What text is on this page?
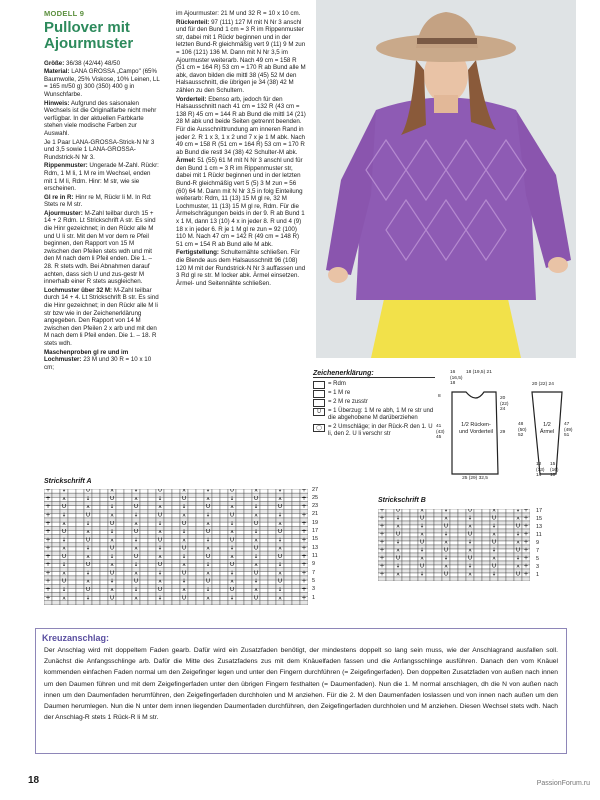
MODELL 9
Pullover mit
Ajourmuster

Größe: 36/38 (42/44) 48/50

Material: LANA GROSSA „Campo" (65% Baumwolle, 25% Viskose, 10% Leinen, LL = 165 m/50 g) 300 (350) 400 g in Wunschfarbe.

Hinweis: Aufgrund des saisonalen Wechsels ist die Originalfarbe nicht mehr verfügbar. In der aktuellen Farbkarte stehen viele modische Farben zur Auswahl.

Je 1 Paar LANA-GROSSA-Strick-N Nr 3 und 3,5 sowie 1 LANA-GROSSA-Rundstrick-N Nr 3.

Rippenmuster: Ungerade M-Zahl. Rückr: Rdm, 1 M li, 1 M re im Wechsel, enden mit 1 M li, Rdm. Hinr: M str, wie sie erscheinen.

Gl re in R: Hinr re M, Rückr li M. In Rd: Stets re M str.

Ajourmuster: M-Zahl teilbar durch 15 + 14 + 2 Rdm. Lt Strickschrift A str. Es sind die Hinr gezeichnet; in den Rückr alle M und U li str. Mit den M vor dem re Pfeil beginnen, den Rapport von 15 M zwischen den Pfeilen stets wdh und mit den M nach dem li Pfeil enden. Die 1. – 28. R stets wdh. Bei Abnahmen darauf achten, dass sich U und zus-gestr M innerhalb einer R stets ausgleichen.

Lochmuster über 32 M: M-Zahl teilbar durch 14 + 4. Lt Strickschrift B str. Es sind die Hinr gezeichnet; in den Rückr alle M li str bzw wie in der Zeichenerklärung angegeben. Den Rapport von 14 M zwischen den Pfeilen 2 x arb und mit den M nach dem li Pfeil enden. Die 1. – 18. R stets wdh.

Maschenproben gl re und im Lochmuster: 23 M und 30 R = 10 x 10 cm;

im Ajourmuster: 21 M und 32 R = 10 x 10 cm.

Rückenteil: 97 (111) 127 M mit N Nr 3 anschl und für den Bund 1 cm = 3 R im Rippenmuster str, dabei mit 1 Rückr beginnen und in der letzten Bund-R gleichmäßig vert 9 (11) 9 M zun = 106 (121) 136 M. Dann mit N Nr 3,5 im Ajourmuster weiterarb. Nach 49 cm = 158 R (51 cm = 164 R) 53 cm = 170 R ab Bund alle M abk, davon bilden die mittl 38 (45) 52 M den Halsausschnitt, die übrigen je 34 (38) 42 M zählen zu den Schultern.

Vorderteil: Ebenso arb, jedoch für den Halsausschnitt nach 41 cm = 132 R (43 cm = 138 R) 45 cm = 144 R ab Bund die mittl 14 (21) 28 M abk und beide Seiten getrennt beenden. Für die Ausschnittrundung am inneren Rand in jeder 2. R 1 x 3, 1 x 2 und 7 x je 1 M abk. Nach 49 cm = 158 R (51 cm = 164 R) 53 cm = 170 R ab Bund die restl 34 (38) 42 Schulter-M abk.

Ärmel: 51 (55) 61 M mit N Nr 3 anschl und für den Bund 1 cm = 3 R im Rippenmuster str, dabei mit 1 Rückr beginnen und in der letzten Bund-R gleichmäßig vert 5 (5) 3 M zun = 56 (60) 64 M. Dann mit N Nr 3,5 in folg Einteilung weiterarb: Rdm, 11 (13) 15 M gl re, 32 M Lochmuster, 11 (13) 15 M gl re, Rdm. Für die Ärmelschrägungen beids in der 9. R ab Bund 1 x 1 M, dann 13 (10) 4 x in jeder 8. R und 4 (9) 18 x in jeder 6. R je 1 M gl re zun = 92 (100) 110 M. Nach 47 cm = 142 R (49 cm = 148 R) 51 cm = 154 R ab Bund alle M abk.

Fertigstellung: Schulternähte schließen. Für die Blende aus dem Halsausschnitt 96 (108) 120 M mit der Rundstrick-N Nr 3 auffassen und 3 Rd gl re str. M locker abk. Ärmel einsetzen. Ärmel- und Seitennähte schließen.

Zeichenerklärung:
= Rdm
= 1 M re
= 2 M re zusstr
U	= 1 Überzug: 1 M re abh, 1 M re str und die abgehobene M darüberziehen
◯	= 2 Umschläge; in der Rück-R den 1. U li, den 2. U li verschr str
1/2 Rücken- und Vorderteil
1/2 Ärmel
18 (19,5) 21
16 (16,5) 18
25 (29) 32,5
41 (43) 45
8	20 (22) 24
29
20 (22) 24
48 (50) 52
47 (49) 51
12 (13) 14
15 (16) 10
Strickschrift A
+ ↓	U	⩚	↓	U	⩚	↓	U	⩚	↓	+
+ ⩚	↓	U	⩚	↓	U	⩚	↓	U	⩚	+
+ U	⩚	↓	U	⩚	↓	U	⩚	↓	U	+
+ ↓	U	⩚	↓	U	⩚	↓	U	⩚	↓	+
+ ⩚	↓	U	⩚	↓	U	⩚	↓	U	⩚	+
+ U	⩚	↓	U	⩚	↓	U	⩚	↓	U	+
+ ↓	U	⩚	↓	U	⩚	↓	U	⩚	↓	+
+ ⩚	↓	U	⩚	↓	U	⩚	↓	U	⩚	+
+ U	⩚	↓	U	⩚	↓	U	⩚	↓	U	+
+ ↓	U	⩚	↓	U	⩚	↓	U	⩚	↓	+
+ ⩚	↓	U	⩚	↓	U	⩚	↓	U	⩚	+
+ U	⩚	↓	U	⩚	↓	U	⩚	↓	U	+
+ ↓	U	⩚	↓	U	⩚	↓	U	⩚	↓	+
+ ⩚	↓	U	⩚	↓	U	⩚	↓	U	⩚	+
27
25
23
21
19
17
15
13
11
9
7
5
3
1
Strickschrift B
+ U	⩚	↓	U	⩚	↓ +
+ ↓	U	⩚	↓	U	⩚ +
+ ⩚	↓	U	⩚	↓	U +
+ U	⩚	↓	U	⩚	↓ +
+ ↓	U	⩚	↓	U	⩚ +
+ ⩚	↓	U	⩚	↓	U +
+ U	⩚	↓	U	⩚	↓ +
+ ↓	U	⩚	↓	U	⩚ +
+ ⩚	↓	U	⩚	↓	U +
17
15
13
11
9
7
5
3
1
Kreuzanschlag:
Der Anschlag wird mit doppeltem Faden gearb. Dafür wird ein Zusatzfaden benötigt, der mindestens doppelt so lang sein muss, wie der Anschlagrand ausfallen soll. Zunächst die Anfangsschlinge arb. Dafür die Mitte des Zusatzfadens zus mit dem Knäuelfaden fassen und die Anfangsschlinge ausführen. Danach den vom Knäuel kommenden einfachen Faden normal um den Zeigefinger legen und unter den Fingern durchführen (= Zeigefingerfaden). Den doppelten Zusatzfaden von außen nach innen um den Daumen führen und mit dem Zeigefingerfaden unter den übrigen Fingern festhalten (= Daumenfaden). Nun die 1. M normal anschlagen, dh die N von außen nach innen um den Daumenfaden herumführen, den Zeigefingerfaden durchholen und M anziehen. Für die 2. M den Daumenfaden loslassen und von innen nach außen um den Daumen herumlegen. Nun die N unter dem innen liegenden Daumenfaden durchführen, den Zeigefingerfaden durchholen und M anziehen. Diesen Wechsel stets wdh. Nach der Anschlag-R stets 1 Rück-R li M str.
18	PassionForum.ru
